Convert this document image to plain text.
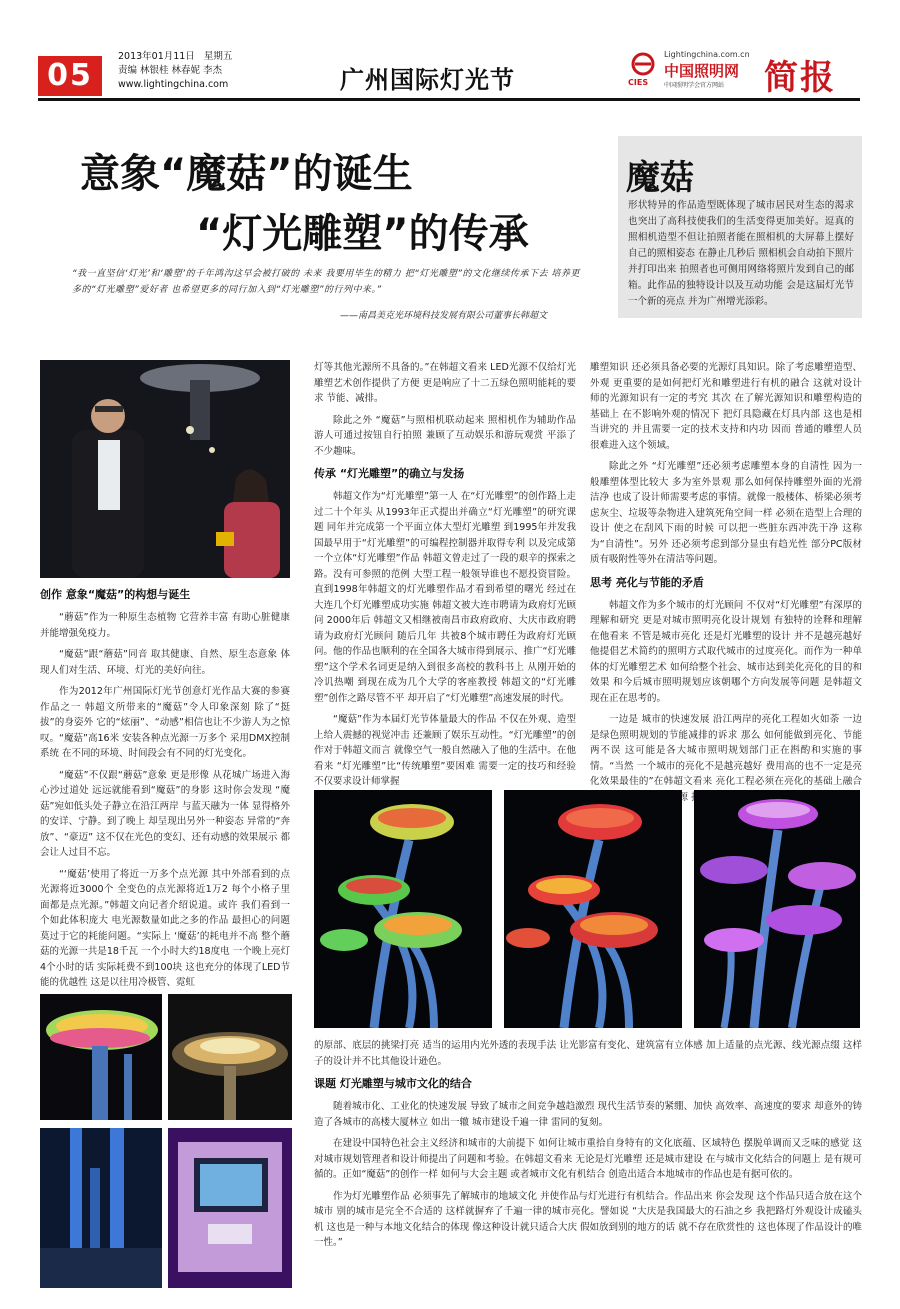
05
2013年01月11日 星期五
责编 林银桂 林春妮 李杰
www.lightingchina.com	广州国际灯光节
Lightingchina.com.cn
中国照明网
中国照明学会官方网站
CIES	简报
意象“魔菇”的诞生
“灯光雕塑”的传承
“我一直坚信‘灯光’和‘雕塑’的千年鸿沟这早会被打破的 未来 我要用毕生的精力 把“灯光雕塑”的文化继续传承下去 培养更多的“灯光雕塑”爱好者 也希望更多的同行加入到“灯光雕塑”的行列中来。”
——南昌美克光环境科技发展有限公司董事长韩超文
魔菇
形状特异的作品造型既体现了城市居民对生态的渴求 也突出了高科技使我们的生活变得更加美好。逗真的照相机造型不但让拍照者能在照相机的大屏幕上摆好自己的照相姿态 在静止几秒后 照相机会自动拍下照片并打印出来 拍照者也可侧用网络将照片发到自己的邮箱。此作品的独特设计以及互动功能 会是这届灯光节一个新的亮点 并为广州增光添彩。
创作 意象“魔菇”的构想与诞生

“蘑菇”作为一种原生态植物 它营养丰富 有助心脏健康 并能增强免疫力。

“魔菇”跟“蘑菇”同音 取其健康、自然、原生态意象 体现人们对生活、环境、灯光的美好向往。

作为2012年广州国际灯光节创意灯光作品大赛的参赛作品之一 韩超文所带来的“魔菇”令人印象深刻 除了“挺拔”的身姿外 它的“炫丽”、“动感”相信也让不少游人为之惊叹。“魔菇”高16米 安装各种点光源一万多个 采用DMX控制系统 在不同的环境、时间段会有不同的灯光变化。

“魔菇”不仅跟“蘑菇”意象 更是形像 从花城广场进入海心沙过道处 远远就能看到“魔菇”的身影 这时你会发现 “魔菇”宛如低头处子静立在沿江两岸 与蓝天融为一体 显得格外的安详、宁静。到了晚上 却呈现出另外一种姿态 异常的“奔放”、“豪迈” 这不仅在光色的变幻、还有动感的效果展示 都会让人过目不忘。

“‘魔菇’使用了将近一万多个点光源 其中外部看到的点光源将近3000个 全变色的点光源将近1万2 每个小格子里面都是点光源。”韩超文向记者介绍说道。或许 我们看到一个如此体积庞大 电光源数量如此之多的作品 最担心的问题莫过于它的耗能问题。“实际上 ‘魔菇’的耗电并不高 整个蘑菇的光源一共是18千瓦 一个小时大约18度电 一个晚上亮灯4个小时的话 实际耗费不到100块 这也充分的体现了LED节能的优越性 这是以往用冷极管、霓虹

灯等其他光源所不具备的。”在韩超文看来 LED光源不仅给灯光雕塑艺术创作提供了方便 更是响应了十二五绿色照明能耗的要求 节能、减排。

除此之外 “魔菇”与照相机联动起来 照相机作为辅助作品 游人可通过按钮自行拍照 兼顾了互动娱乐和游玩观赏 平添了不少趣味。

传承 “灯光雕塑”的确立与发扬

韩超文作为“灯光雕塑”第一人 在“灯光雕塑”的创作路上走过二十个年头 从1993年正式提出并确立“灯光雕塑”的研究课题 同年并完成第一个平面立体大型灯光雕塑 到1995年并发我国最早用于“灯光雕塑”的可编程控制器并取得专利 以及完成第一个立体“灯光雕塑”作品 韩超文曾走过了一段的艰辛的探索之路。没有可参照的范例 大型工程一般领导谁也不愿投资冒险。直到1998年韩超文的灯光雕塑作品才看到希望的曙光 经过在大连几个灯光雕塑成功实施 韩超文被大连市聘请为政府灯光顾问 2000年后 韩超文又相继被南昌市政府政府、大庆市政府聘请为政府灯光顾问 随后几年 共被8个城市聘任为政府灯光顾问。他的作品也顺利的在全国各大城市得到展示、推广“灯光雕塑”这个学术名词更是纳入到很多高校的教科书上 从刚开始的冷讥热嘲 到现在成为几个大学的客座教授 韩超文的“灯光雕塑”创作之路尽管不平 却开启了“灯光雕塑”高速发展的时代。

“魔菇”作为本届灯光节体量最大的作品 不仅在外观、造型上给人震撼的视觉冲击 还兼顾了娱乐互动性。“灯光雕塑”的创作对于韩超文而言 就像空气一般自然融入了他的生活中。在他看来 “灯光雕塑”比“传统雕塑”要困难 需要一定的技巧和经验 不仅要求设计师掌握

雕塑知识 还必须具备必要的光源灯具知识。除了考虑雕塑造型、外观 更重要的是如何把灯光和雕塑进行有机的融合 这就对设计师的光源知识有一定的考究 其次 在了解光源知识和雕塑构造的基础上 在不影响外观的情况下 把灯具隐藏在灯具内部 这也是相当讲究的 并且需要一定的技术支持和内功 因而 普通的雕塑人员很难进入这个领域。

除此之外 “灯光雕塑”还必须考虑雕塑本身的自清性 因为一般雕塑体型比较大 多为室外景观 那么如何保持雕塑外面的光滑洁净 也成了设计师需要考虑的事情。就像一般楼体、桥梁必须考虑灰尘、垃圾等杂物进入建筑死角空间一样 必须在造型上合理的设计 使之在刮风下雨的时候 可以把一些脏东西冲洗干净 这称为“自清性”。另外 还必须考虑到部分显虫有趋光性 部分PC版材质有吸附性等外在清洁等问题。

思考 亮化与节能的矛盾

韩超文作为多个城市的灯光顾问 不仅对“灯光雕塑”有深厚的理解和研究 更是对城市照明亮化设计规划 有独特的诠释和理解 在他看来 不管是城市亮化 还是灯光雕塑的设计 并不是越亮越好 他提倡艺术简约的照明方式取代城市的过度亮化。而作为一种单体的灯光雕塑艺术 如何给整个社会、城市达到美化亮化的目的和效果 和今后城市照明规划应该朝哪个方向发展等问题 是韩超文现在正在思考的。

一边是 城市的快速发展 沿江两岸的亮化工程如火如荼 一边是绿色照明规划的节能减排的诉求 那么 如何能做到亮化、节能两不误 这可能是各大城市照明规划部门正在斟酌和实施的事情。“当然 一个城市的亮化不是越亮越好 费用高的也不一定是亮化效果最佳的”在韩超文看来 亮化工程必须在亮化的基础上融合

的原部、底层的挑梁打亮 适当的运用内光外透的表现手法 让光影富有变化、建筑富有立体感 加上适量的点光源、线光源点缀 这样子的设计并不比其他设计逊色。

课题 灯光雕塑与城市文化的结合

随着城市化、工业化的快速发展 导致了城市之间竞争越趋激烈 现代生活节奏的紧绷、加快 高效率、高速度的要求 却意外的铸造了各城市的高楼大厦林立 如出一辙 城市建设千遍一律 雷同的复刻。

在建设中国特色社会主义经济和城市的大前提下 如何让城市重拾自身特有的文化底蕴、区域特色 摆脱单调而又乏味的感觉 这对城市规划管理者和设计师提出了问题和考验。在韩超文看来 无论是灯光雕塑 还是城市建设 在与城市文化结合的问题上 是有规可循的。正如“魔菇”的创作一样 如何与大会主题 或者城市文化有机结合 创造出适合本地城市的作品也是有据可依的。

作为灯光雕塑作品 必须事先了解城市的地域文化 并使作品与灯光进行有机结合。作品出来 你会发现 这个作品只适合放在这个城市 别的城市是完全不合适的 这样就摒弃了千遍一律的城市亮化。譬如说 “大庆是我国最大的石油之乡 我把路灯外观设计成磕头机 这也是一种与本地文化结合的体现 像这种设计就只适合大庆 假如放到别的地方的话 就不存在欣赏性的 这也体现了作品设计的唯一性。”
